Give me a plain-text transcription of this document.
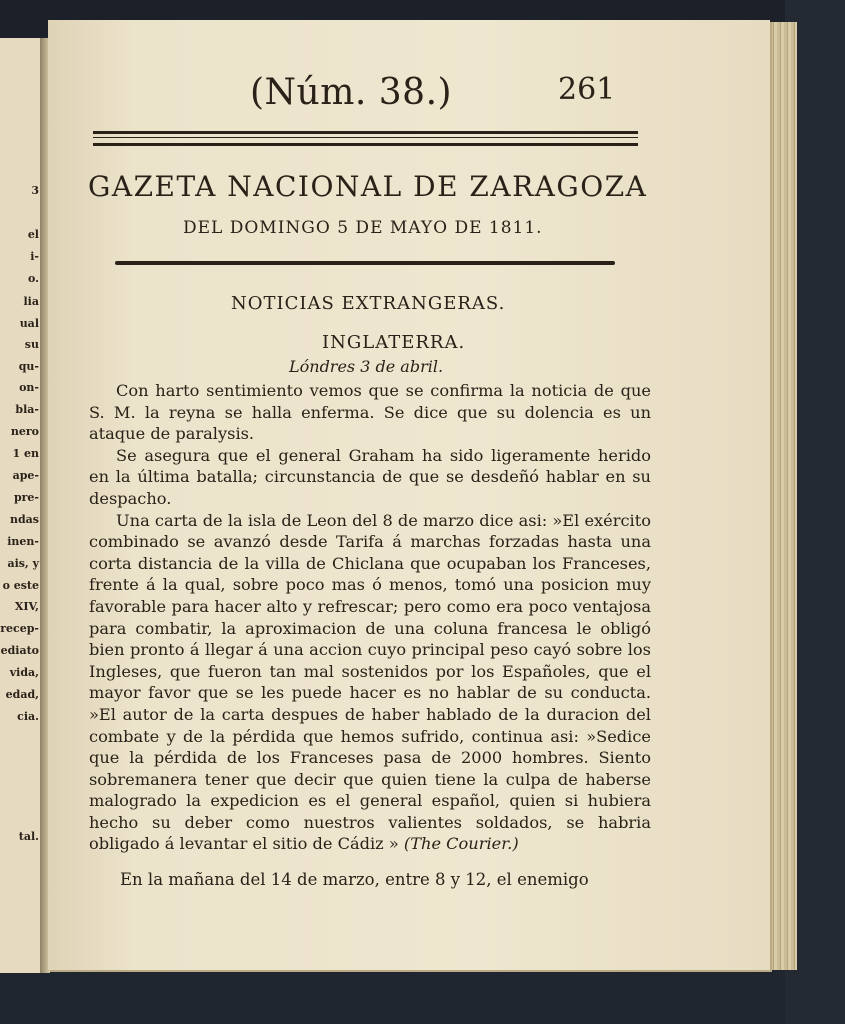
3
el
i-
o.
lia
ual
su
qu-
on-
bla-
nero
1 en
ape-
pre-
ndas
inen-
ais, y
o este
XIV,
recep-
ediato
vida,
edad,
cia.
tal.
(Núm. 38.)	261
GAZETA NACIONAL DE ZARAGOZA
DEL DOMINGO 5 DE MAYO DE 1811.
NOTICIAS EXTRANGERAS.
INGLATERRA.
Lóndres 3 de abril.

Con harto sentimiento vemos que se confirma la noticia de que S. M. la reyna se halla enferma. Se dice que su dolencia es un ataque de paralysis.

Se asegura que el general Graham ha sido ligeramente herido en la última batalla; circunstancia de que se desdeñó hablar en su despacho.

Una carta de la isla de Leon del 8 de marzo dice asi: »El exército combinado se avanzó desde Tarifa á marchas forzadas hasta una corta distancia de la villa de Chiclana que ocupaban los Franceses, frente á la qual, sobre poco mas ó menos, tomó una posicion muy favorable para hacer alto y refrescar; pero como era poco ventajosa para combatir, la aproximacion de una coluna francesa le obligó bien pronto á llegar á una accion cuyo principal peso cayó sobre los Ingleses, que fueron tan mal sostenidos por los Españoles, que el mayor favor que se les puede hacer es no hablar de su conducta. »El autor de la carta despues de haber hablado de la duracion del combate y de la pérdida que hemos sufrido, continua asi: »Sedice que la pérdida de los Franceses pasa de 2000 hombres. Siento sobremanera tener que decir que quien tiene la culpa de haberse malogrado la expedicion es el general español, quien si hubiera hecho su deber como nuestros valientes soldados, se habria obligado á levantar el sitio de Cádiz » (The Courier.)

En la mañana del 14 de marzo, entre 8 y 12, el enemigo
